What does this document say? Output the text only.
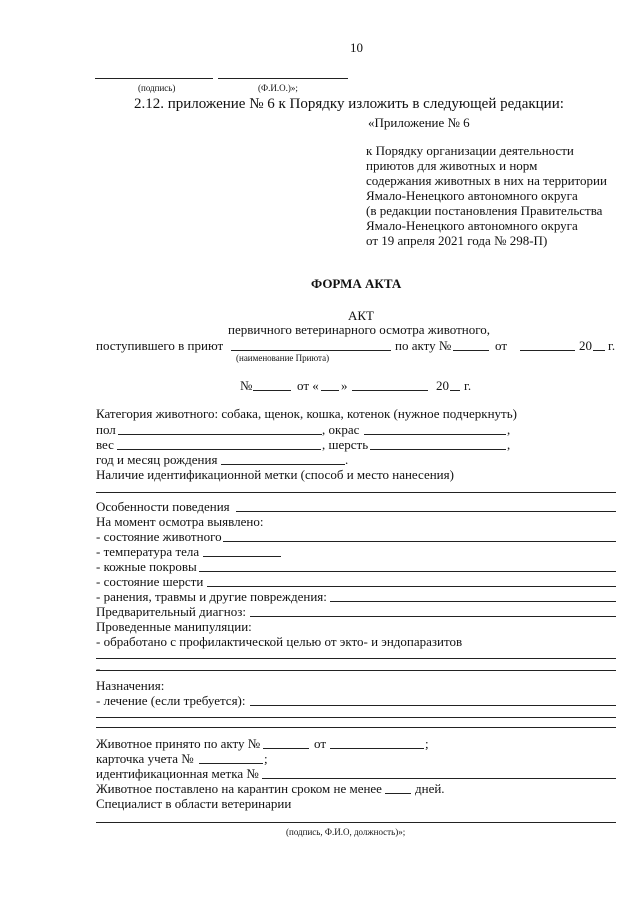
10
(подпись)	(Ф.И.О.)»;
2.12. приложение № 6 к Порядку изложить в следующей редакции:
«Приложение № 6
к Порядку организации деятельности
приютов для животных и норм
содержания животных в них на территории
Ямало-Ненецкого автономного округа
(в редакции постановления Правительства
Ямало-Ненецкого автономного округа
от 19 апреля 2021 года № 298-П)
ФОРМА АКТА
АКТ
первичного ветеринарного осмотра животного,
поступившего в приют	по акту №	от	20 г.
(наименование Приюта)
№	от « »	20 г.
Категория животного: собака, щенок, кошка, котенок (нужное подчеркнуть)
пол	, окрас	,
вес	, шерсть	,
год и месяц рождения	.
Наличие идентификационной метки (способ и место нанесения)
Особенности поведения
На момент осмотра выявлено:
- состояние животного
- температура тела
- кожные покровы
- состояние шерсти
- ранения, травмы и другие повреждения:
Предварительный диагноз:
Проведенные манипуляции:
- обработано с профилактической целью от экто- и эндопаразитов
-
Назначения:
- лечение (если требуется):
Животное принято по акту №	от	;
карточка учета №	;
идентификационная метка №
Животное поставлено на карантин сроком не менее	дней.
Специалист в области ветеринарии
(подпись, Ф.И.О, должность)»;
